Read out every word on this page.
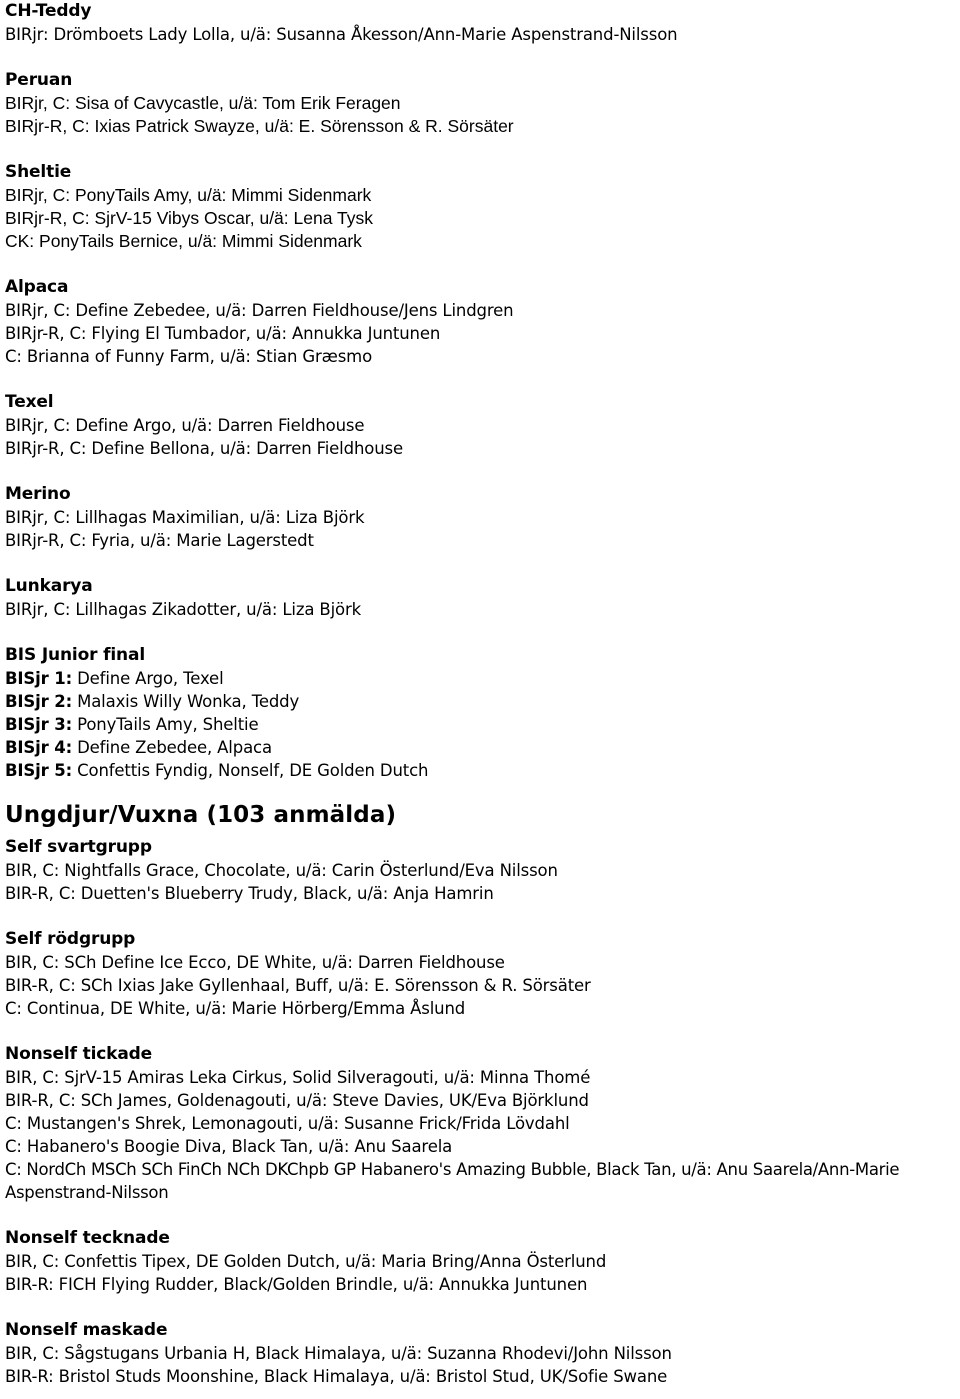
CH-Teddy
BIRjr: Drömboets Lady Lolla, u/ä: Susanna Åkesson/Ann-Marie Aspenstrand-Nilsson
Peruan
BIRjr, C: Sisa of Cavycastle, u/ä: Tom Erik Feragen
BIRjr-R, C: Ixias Patrick Swayze, u/ä: E. Sörensson & R. Sörsäter
Sheltie
BIRjr, C: PonyTails Amy, u/ä: Mimmi Sidenmark
BIRjr-R, C: SjrV-15 Vibys Oscar, u/ä: Lena Tysk
CK: PonyTails Bernice, u/ä: Mimmi Sidenmark
Alpaca
BIRjr, C: Define Zebedee, u/ä: Darren Fieldhouse/Jens Lindgren
BIRjr-R, C: Flying El Tumbador, u/ä: Annukka Juntunen
C: Brianna of Funny Farm, u/ä: Stian Græsmo
Texel
BIRjr, C: Define Argo, u/ä: Darren Fieldhouse
BIRjr-R, C: Define Bellona, u/ä: Darren Fieldhouse
Merino
BIRjr, C: Lillhagas Maximilian, u/ä: Liza Björk
BIRjr-R, C: Fyria, u/ä: Marie Lagerstedt
Lunkarya
BIRjr, C: Lillhagas Zikadotter, u/ä: Liza Björk
BIS Junior final
BISjr 1: Define Argo, Texel
BISjr 2: Malaxis Willy Wonka, Teddy
BISjr 3: PonyTails Amy, Sheltie
BISjr 4: Define Zebedee, Alpaca
BISjr 5: Confettis Fyndig, Nonself, DE Golden Dutch
Ungdjur/Vuxna (103 anmälda)
Self svartgrupp
BIR, C: Nightfalls Grace, Chocolate, u/ä: Carin Österlund/Eva Nilsson
BIR-R, C: Duetten's Blueberry Trudy, Black, u/ä: Anja Hamrin
Self rödgrupp
BIR, C: SCh Define Ice Ecco, DE White, u/ä: Darren Fieldhouse
BIR-R, C: SCh Ixias Jake Gyllenhaal, Buff, u/ä: E. Sörensson & R. Sörsäter
C: Continua, DE White, u/ä: Marie Hörberg/Emma Åslund
Nonself tickade
BIR, C: SjrV-15 Amiras Leka Cirkus, Solid Silveragouti, u/ä: Minna Thomé
BIR-R, C: SCh James, Goldenagouti, u/ä: Steve Davies, UK/Eva Björklund
C: Mustangen's Shrek, Lemonagouti, u/ä: Susanne Frick/Frida Lövdahl
C: Habanero's Boogie Diva, Black Tan, u/ä: Anu Saarela
C: NordCh MSCh SCh FinCh NCh DKChpb GP Habanero's Amazing Bubble, Black Tan, u/ä: Anu Saarela/Ann-Marie Aspenstrand-Nilsson
Nonself tecknade
BIR, C: Confettis Tipex, DE Golden Dutch, u/ä: Maria Bring/Anna Österlund
BIR-R: FICH Flying Rudder, Black/Golden Brindle, u/ä: Annukka Juntunen
Nonself maskade
BIR, C: Sågstugans Urbania H, Black Himalaya, u/ä: Suzanna Rhodevi/John Nilsson
BIR-R: Bristol Studs Moonshine, Black Himalaya, u/ä: Bristol Stud, UK/Sofie Swane
